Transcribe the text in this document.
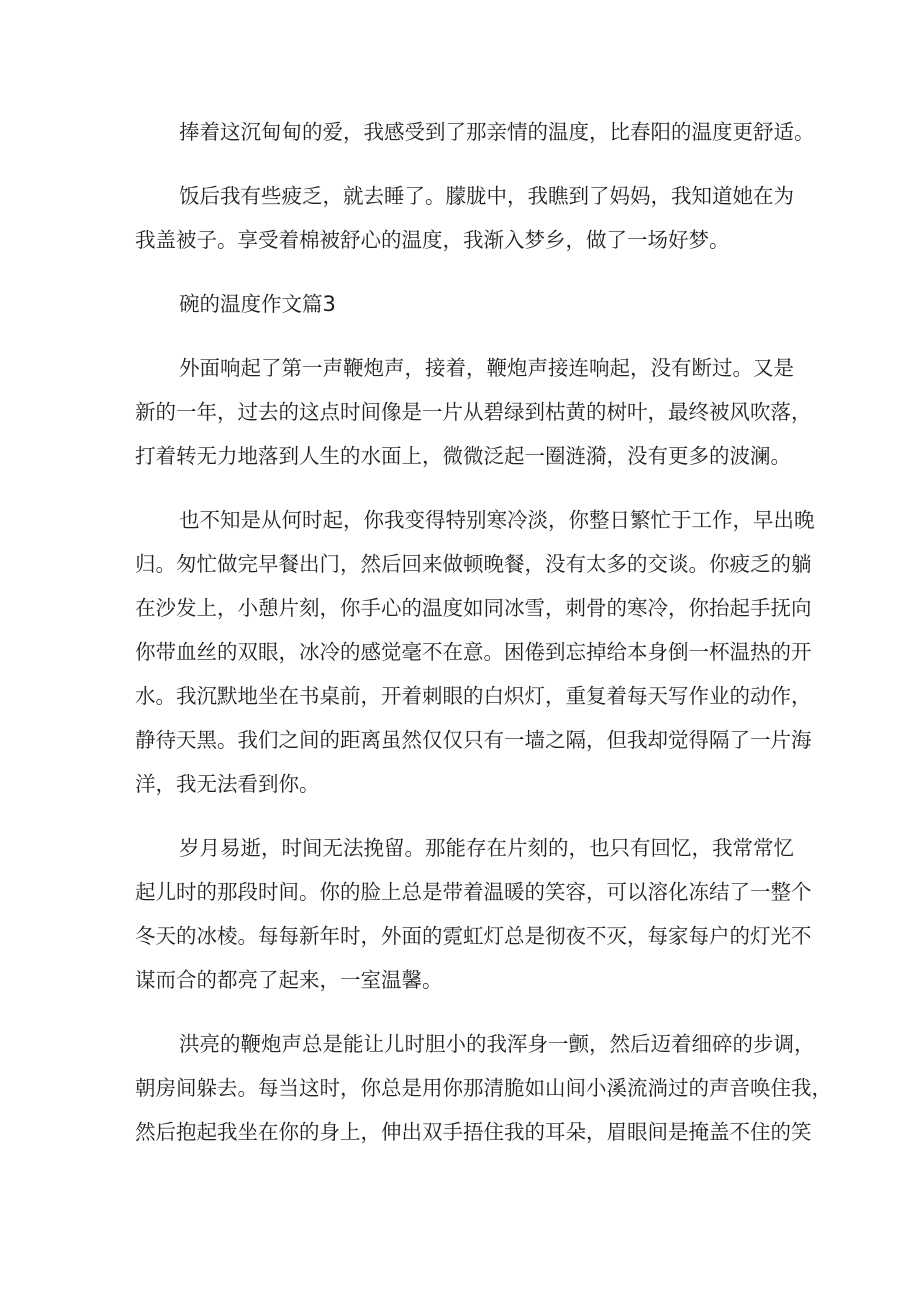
捧着这沉甸甸的爱，我感受到了那亲情的温度，比春阳的温度更舒适。

饭后我有些疲乏，就去睡了。朦胧中，我瞧到了妈妈，我知道她在为

我盖被子。享受着棉被舒心的温度，我渐入梦乡，做了一场好梦。

碗的温度作文篇3

外面响起了第一声鞭炮声，接着，鞭炮声接连响起，没有断过。又是

新的一年，过去的这点时间像是一片从碧绿到枯黄的树叶，最终被风吹落，

打着转无力地落到人生的水面上，微微泛起一圈涟漪，没有更多的波澜。

也不知是从何时起，你我变得特别寒冷淡，你整日繁忙于工作，早出晚

归。匆忙做完早餐出门，然后回来做顿晚餐，没有太多的交谈。你疲乏的躺

在沙发上，小憩片刻，你手心的温度如同冰雪，刺骨的寒冷，你抬起手抚向

你带血丝的双眼，冰冷的感觉毫不在意。困倦到忘掉给本身倒一杯温热的开

水。我沉默地坐在书桌前，开着刺眼的白炽灯，重复着每天写作业的动作，

静待天黑。我们之间的距离虽然仅仅只有一墙之隔，但我却觉得隔了一片海

洋，我无法看到你。

岁月易逝，时间无法挽留。那能存在片刻的，也只有回忆，我常常忆

起儿时的那段时间。你的脸上总是带着温暖的笑容，可以溶化冻结了一整个

冬天的冰棱。每每新年时，外面的霓虹灯总是彻夜不灭，每家每户的灯光不

谋而合的都亮了起来，一室温馨。

洪亮的鞭炮声总是能让儿时胆小的我浑身一颤，然后迈着细碎的步调，

朝房间躲去。每当这时，你总是用你那清脆如山间小溪流淌过的声音唤住我，

然后抱起我坐在你的身上，伸出双手捂住我的耳朵，眉眼间是掩盖不住的笑
